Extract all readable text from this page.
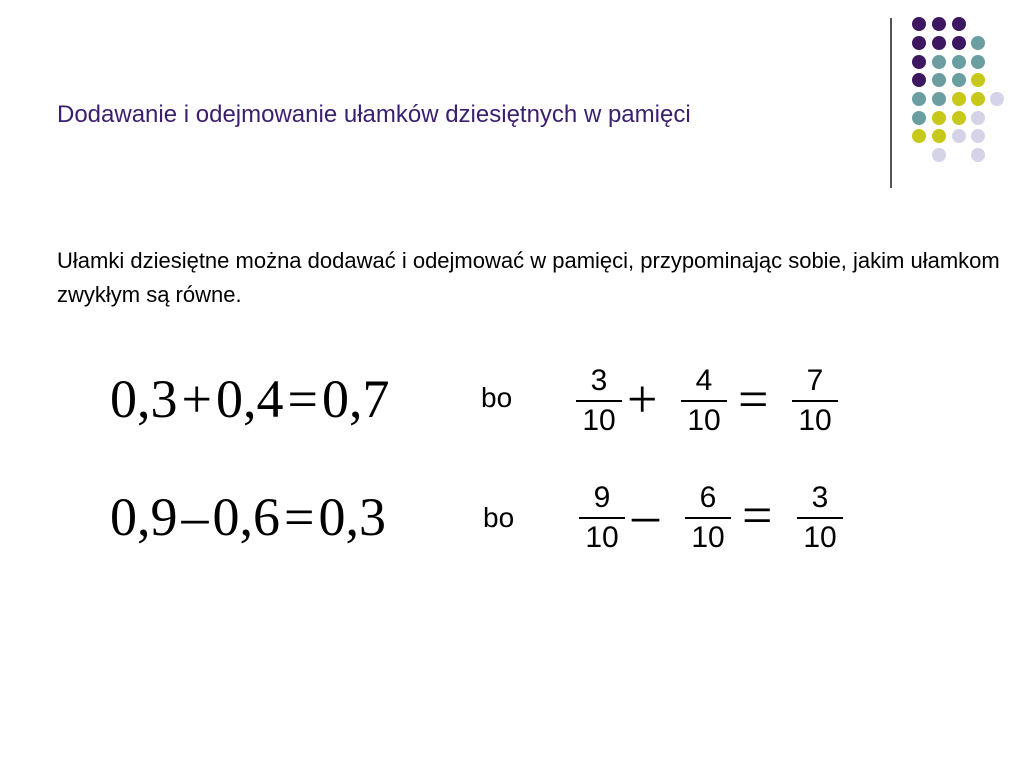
Dodawanie i odejmowanie ułamków dziesiętnych w pamięci
Ułamki dziesiętne można dodawać i odejmować w pamięci, przypominając sobie, jakim ułamkom zwykłym są równe.
0,3+0,4=0,7	bo
3
10 +	4
10 =	7
10
0,9–0,6=0,3	bo
9
10 –	6
10 =	3
10
